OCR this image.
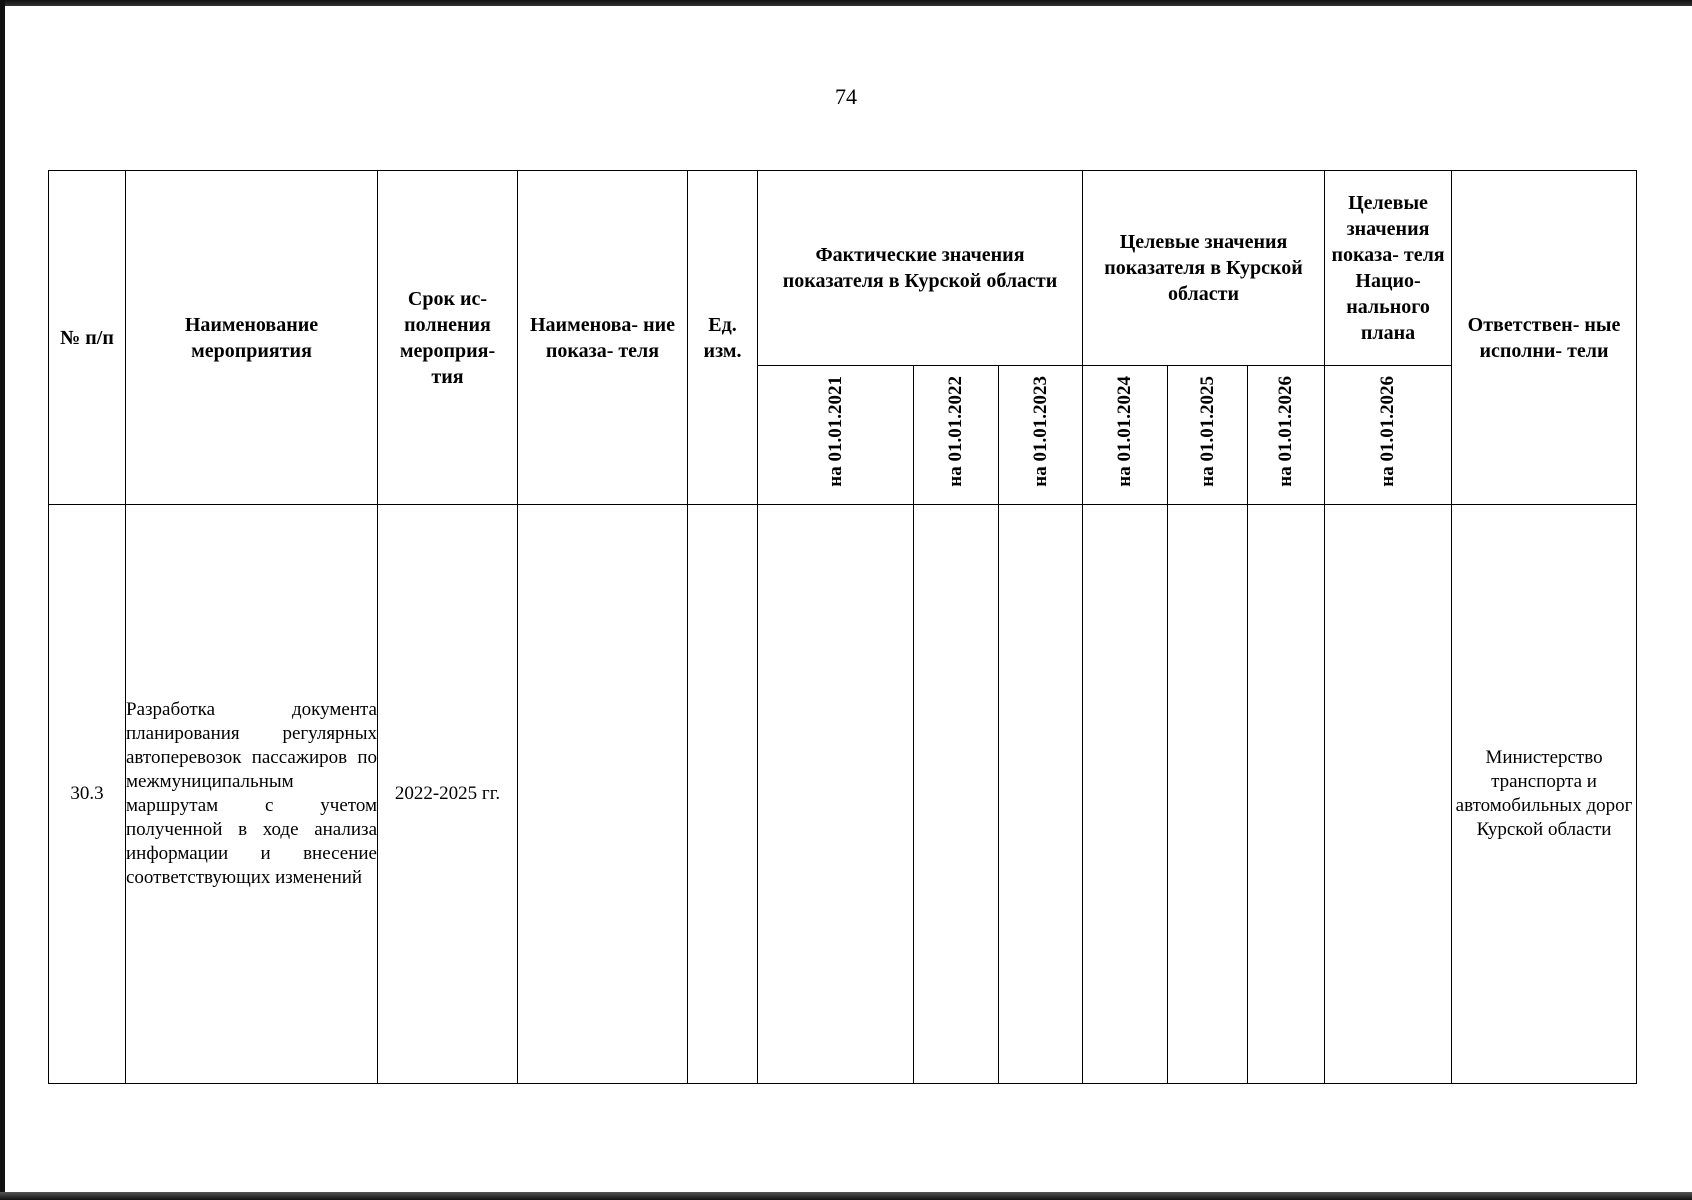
74
№ п/п	Наименование мероприятия	Срок ис- полнения мероприя- тия	Наименова- ние показа- теля	Ед. изм.	Фактические значения показателя в Курской области			Целевые значения показателя в Курской области			Целевые значения показа- теля Нацио- нального плана	Ответствен- ные исполни- тели
					на 01.01.2021	на 01.01.2022	на 01.01.2023	на 01.01.2024	на 01.01.2025	на 01.01.2026	на 01.01.2026	
30.3	Разработка документа планирования регулярных автоперевозок пассажиров по межмуниципальным маршрутам с учетом полученной в ходе анализа информации и внесение соответствующих изменений	2022-2025 гг.										Министерство транспорта и автомобильных дорог Курской области
